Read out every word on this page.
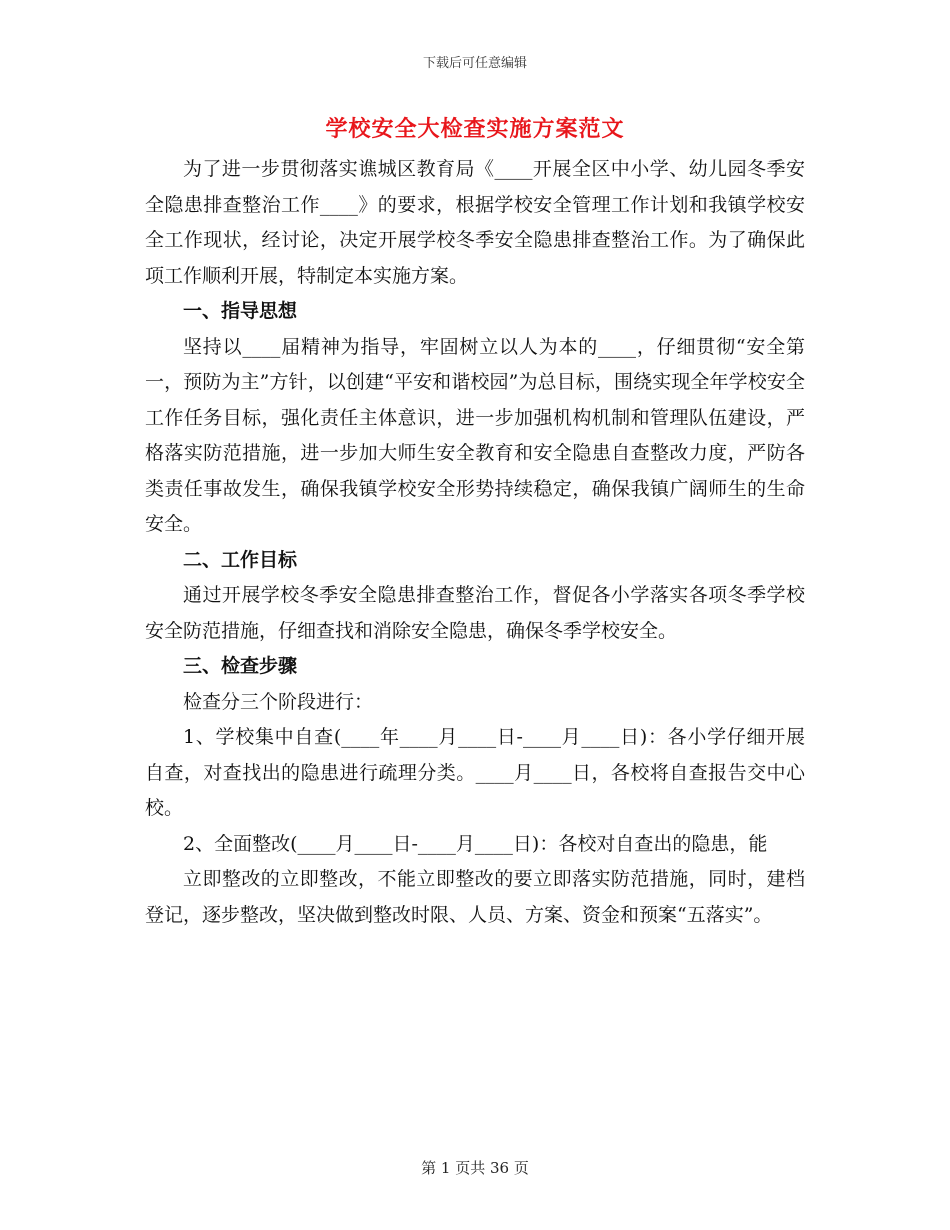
下载后可任意编辑
学校安全大检查实施方案范文

为了进一步贯彻落实谯城区教育局《____开展全区中小学、幼儿园冬季安全隐患排查整治工作____》的要求，根据学校安全管理工作计划和我镇学校安全工作现状，经讨论，决定开展学校冬季安全隐患排查整治工作。为了确保此项工作顺利开展，特制定本实施方案。

一、指导思想

坚持以____届精神为指导，牢固树立以人为本的____，仔细贯彻“安全第一，预防为主”方针，以创建“平安和谐校园”为总目标，围绕实现全年学校安全工作任务目标，强化责任主体意识，进一步加强机构机制和管理队伍建设，严格落实防范措施，进一步加大师生安全教育和安全隐患自查整改力度，严防各类责任事故发生，确保我镇学校安全形势持续稳定，确保我镇广阔师生的生命安全。

二、工作目标

通过开展学校冬季安全隐患排查整治工作，督促各小学落实各项冬季学校安全防范措施，仔细查找和消除安全隐患，确保冬季学校安全。

三、检查步骤

检查分三个阶段进行：

1、学校集中自查(____年____月____日-____月____日)：各小学仔细开展自查，对查找出的隐患进行疏理分类。____月____日，各校将自查报告交中心校。

2、全面整改(____月____日-____月____日)：各校对自查出的隐患，能

立即整改的立即整改，不能立即整改的要立即落实防范措施，同时，建档登记，逐步整改，坚决做到整改时限、人员、方案、资金和预案“五落实”。

第 1 页共 36 页
